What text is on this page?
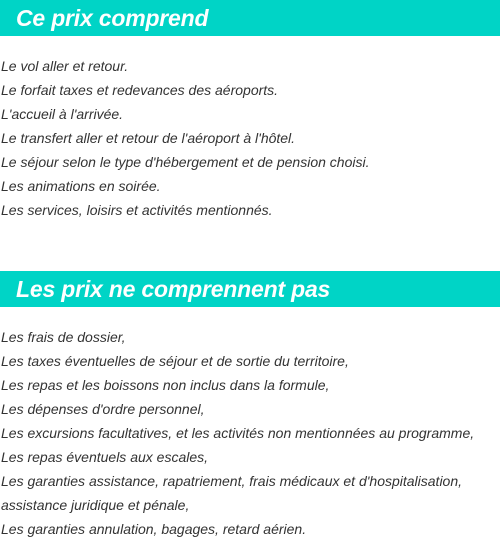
Ce prix comprend
Le vol aller et retour.
Le forfait taxes et redevances des aéroports.
L'accueil à l'arrivée.
Le transfert aller et retour de l'aéroport à l'hôtel.
Le séjour selon le type d'hébergement et de pension choisi.
Les animations en soirée.
Les services, loisirs et activités mentionnés.
Les prix ne comprennent pas
Les frais de dossier,
Les taxes éventuelles de séjour et de sortie du territoire,
Les repas et les boissons non inclus dans la formule,
Les dépenses d'ordre personnel,
Les excursions facultatives, et les activités non mentionnées au programme,
Les repas éventuels aux escales,
Les garanties assistance, rapatriement, frais médicaux et d'hospitalisation,
assistance juridique et pénale,
Les garanties annulation, bagages, retard aérien.
